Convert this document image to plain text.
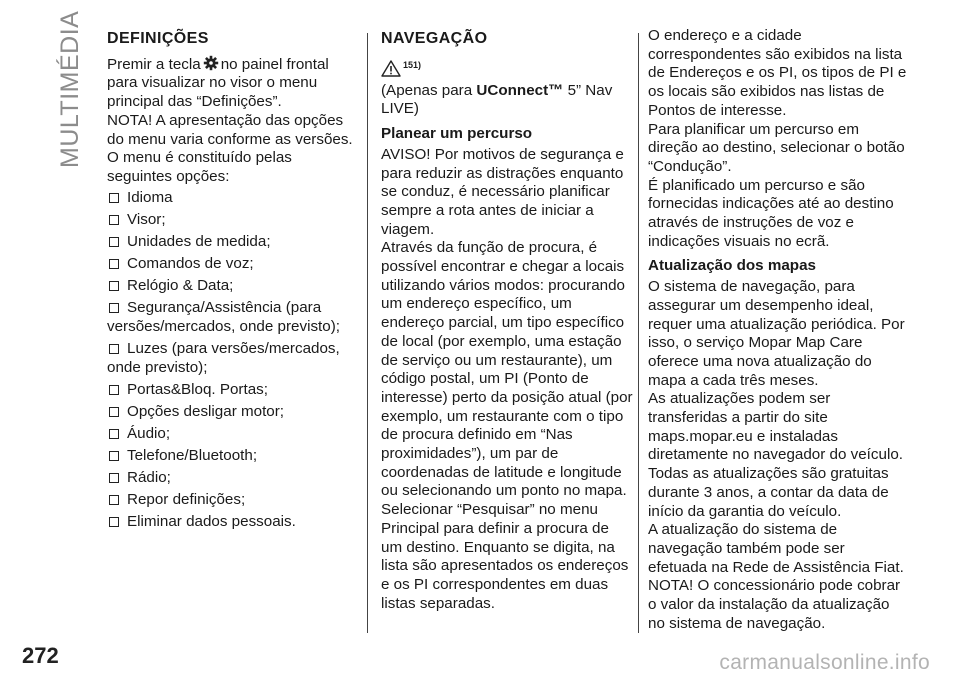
MULTIMÉDIA DEFINIÇÕES

Premir a tecla no painel frontal para visualizar no visor o menu principal das “Definições”.

NOTA! A apresentação das opções do menu varia conforme as versões.

O menu é constituído pelas seguintes opções:

Idioma

Visor;

Unidades de medida;

Comandos de voz;

Relógio & Data;

Segurança/Assistência (para versões/mercados, onde previsto);

Luzes (para versões/mercados, onde previsto);

Portas&Bloq. Portas;

Opções desligar motor;

Áudio;

Telefone/Bluetooth;

Rádio;

Repor definições;

Eliminar dados pessoais.

NAVEGAÇÃO
151)

(Apenas para UConnect™ 5” Nav LIVE)

Planear um percurso

AVISO! Por motivos de segurança e para reduzir as distrações enquanto se conduz, é necessário planificar sempre a rota antes de iniciar a viagem.

Através da função de procura, é possível encontrar e chegar a locais utilizando vários modos: procurando um endereço específico, um endereço parcial, um tipo específico de local (por exemplo, uma estação de serviço ou um restaurante), um código postal, um PI (Ponto de interesse) perto da posição atual (por exemplo, um restaurante com o tipo de procura definido em “Nas proximidades”), um par de coordenadas de latitude e longitude ou selecionando um ponto no mapa.

Selecionar “Pesquisar” no menu Principal para definir a procura de um destino. Enquanto se digita, na lista são apresentados os endereços e os PI correspondentes em duas listas separadas.

O endereço e a cidade correspondentes são exibidos na lista de Endereços e os PI, os tipos de PI e os locais são exibidos nas listas de Pontos de interesse.

Para planificar um percurso em direção ao destino, selecionar o botão “Condução”.

É planificado um percurso e são fornecidas indicações até ao destino através de instruções de voz e indicações visuais no ecrã.

Atualização dos mapas

O sistema de navegação, para assegurar um desempenho ideal, requer uma atualização periódica. Por isso, o serviço Mopar Map Care oferece uma nova atualização do mapa a cada três meses.

As atualizações podem ser transferidas a partir do site maps.mopar.eu e instaladas diretamente no navegador do veículo. Todas as atualizações são gratuitas durante 3 anos, a contar da data de início da garantia do veículo.

A atualização do sistema de navegação também pode ser efetuada na Rede de Assistência Fiat.

NOTA! O concessionário pode cobrar o valor da instalação da atualização no sistema de navegação.

272	carmanualsonline.info
